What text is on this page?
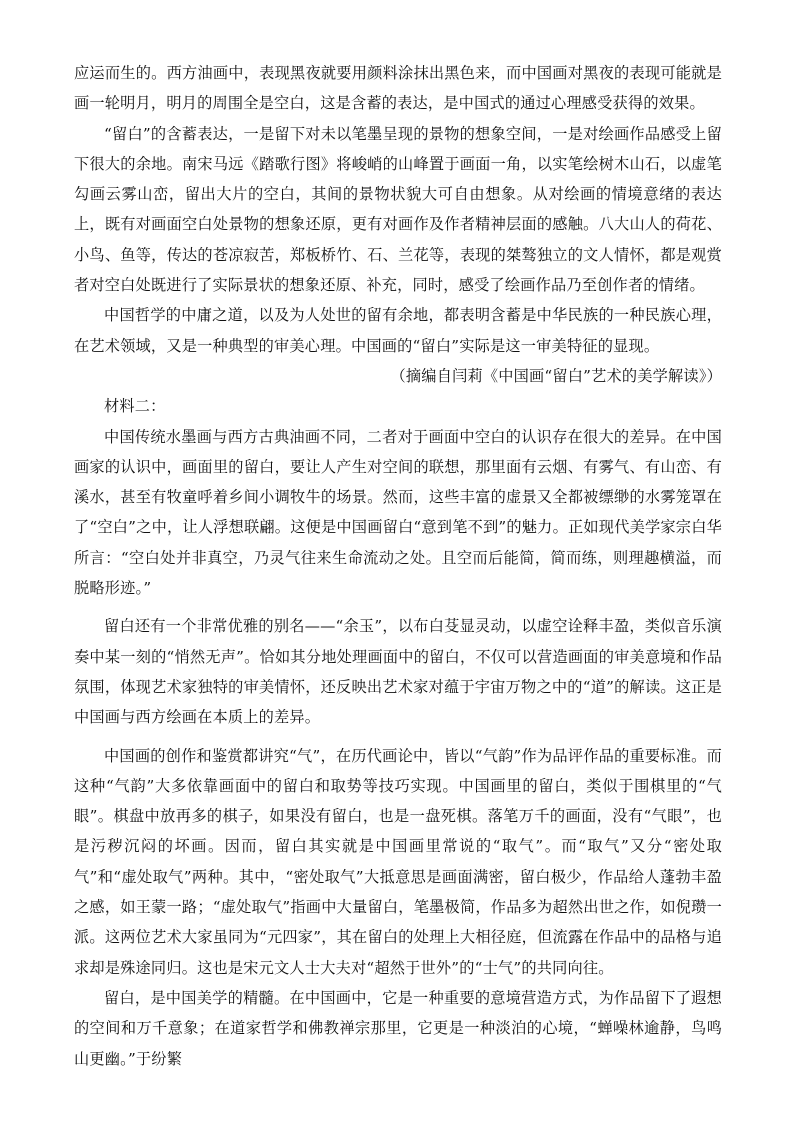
应运而生的。西方油画中，表现黑夜就要用颜料涂抹出黑色来，而中国画对黑夜的表现可能就是画一轮明月，明月的周围全是空白，这是含蓄的表达，是中国式的通过心理感受获得的效果。

“留白”的含蓄表达，一是留下对未以笔墨呈现的景物的想象空间，一是对绘画作品感受上留下很大的余地。南宋马远《踏歌行图》将峻峭的山峰置于画面一角，以实笔绘树木山石，以虚笔勾画云雾山峦，留出大片的空白，其间的景物状貌大可自由想象。从对绘画的情境意绪的表达上，既有对画面空白处景物的想象还原，更有对画作及作者精神层面的感触。八大山人的荷花、小鸟、鱼等，传达的苍凉寂苦，郑板桥竹、石、兰花等，表现的桀骜独立的文人情怀，都是观赏者对空白处既进行了实际景状的想象还原、补充，同时，感受了绘画作品乃至创作者的情绪。

中国哲学的中庸之道，以及为人处世的留有余地，都表明含蓄是中华民族的一种民族心理，在艺术领域，又是一种典型的审美心理。中国画的“留白”实际是这一审美特征的显现。

（摘编自闫莉《中国画“留白”艺术的美学解读》）

材料二：

中国传统水墨画与西方古典油画不同，二者对于画面中空白的认识存在很大的差异。在中国画家的认识中，画面里的留白，要让人产生对空间的联想，那里面有云烟、有雾气、有山峦、有溪水，甚至有牧童呼着乡间小调牧牛的场景。然而，这些丰富的虚景又全都被缥缈的水雾笼罩在了“空白”之中，让人浮想联翩。这便是中国画留白“意到笔不到”的魅力。正如现代美学家宗白华所言：“空白处并非真空，乃灵气往来生命流动之处。且空而后能简，简而练，则理趣横溢，而脱略形迹。”

留白还有一个非常优雅的别名——“余玉”，以布白芟显灵动，以虚空诠释丰盈，类似音乐演奏中某一刻的“悄然无声”。恰如其分地处理画面中的留白，不仅可以营造画面的审美意境和作品氛围，体现艺术家独特的审美情怀，还反映出艺术家对蕴于宇宙万物之中的“道”的解读。这正是中国画与西方绘画在本质上的差异。

中国画的创作和鉴赏都讲究“气”，在历代画论中，皆以“气韵”作为品评作品的重要标准。而这种“气韵”大多依靠画面中的留白和取势等技巧实现。中国画里的留白，类似于围棋里的“气眼”。棋盘中放再多的棋子，如果没有留白，也是一盘死棋。落笔万千的画面，没有“气眼”，也是污秽沉闷的坏画。因而，留白其实就是中国画里常说的“取气”。而“取气”又分“密处取气”和“虚处取气”两种。其中，“密处取气”大抵意思是画面满密，留白极少，作品给人蓬勃丰盈之感，如王蒙一路；“虚处取气”指画中大量留白，笔墨极简，作品多为超然出世之作，如倪瓒一派。这两位艺术大家虽同为“元四家”，其在留白的处理上大相径庭，但流露在作品中的品格与追求却是殊途同归。这也是宋元文人士大夫对“超然于世外”的“士气”的共同向往。

留白，是中国美学的精髓。在中国画中，它是一种重要的意境营造方式，为作品留下了遐想的空间和万千意象；在道家哲学和佛教禅宗那里，它更是一种淡泊的心境，“蝉噪林逾静，鸟鸣山更幽。”于纷繁
